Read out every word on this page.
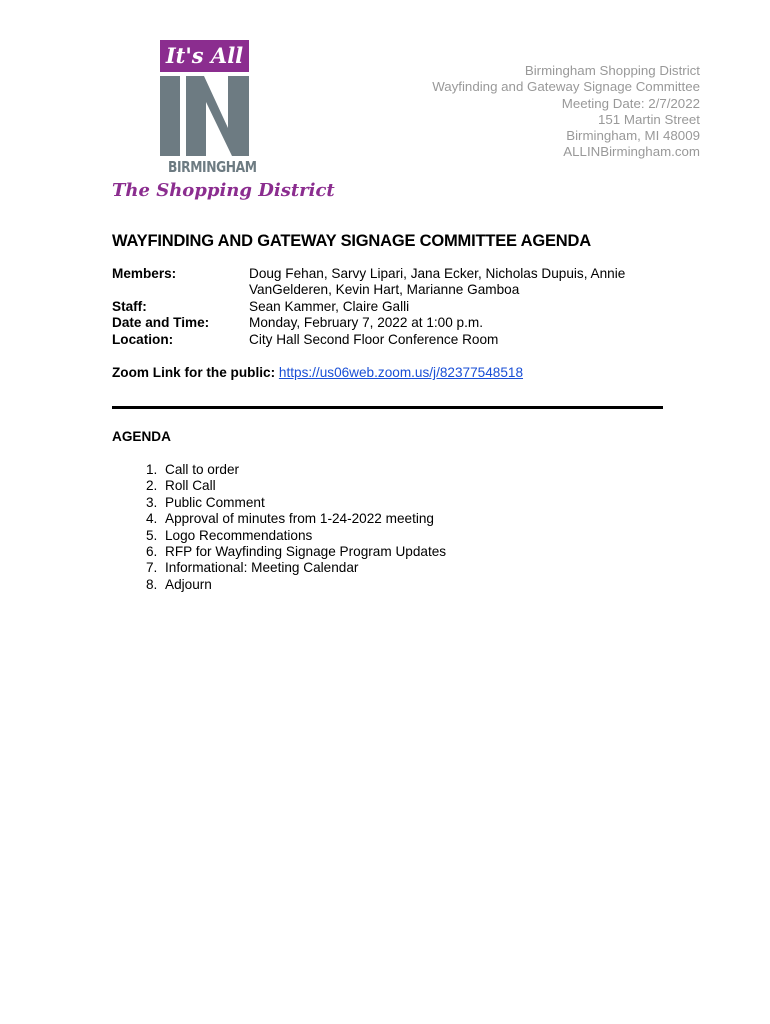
It's All
BIRMINGHAM
The Shopping District
Birmingham Shopping District
Wayfinding and Gateway Signage Committee
Meeting Date: 2/7/2022
151 Martin Street
Birmingham, MI 48009
ALLINBirmingham.com
WAYFINDING AND GATEWAY SIGNAGE COMMITTEE AGENDA
Members:	Doug Fehan, Sarvy Lipari, Jana Ecker, Nicholas Dupuis, Annie VanGelderen, Kevin Hart, Marianne Gamboa
Staff:	Sean Kammer, Claire Galli
Date and Time:	Monday, February 7, 2022 at 1:00 p.m.
Location:	City Hall Second Floor Conference Room
Zoom Link for the public: https://us06web.zoom.us/j/82377548518
AGENDA
1. Call to order
2. Roll Call
3. Public Comment
4. Approval of minutes from 1-24-2022 meeting
5. Logo Recommendations
6. RFP for Wayfinding Signage Program Updates
7. Informational: Meeting Calendar
8. Adjourn
